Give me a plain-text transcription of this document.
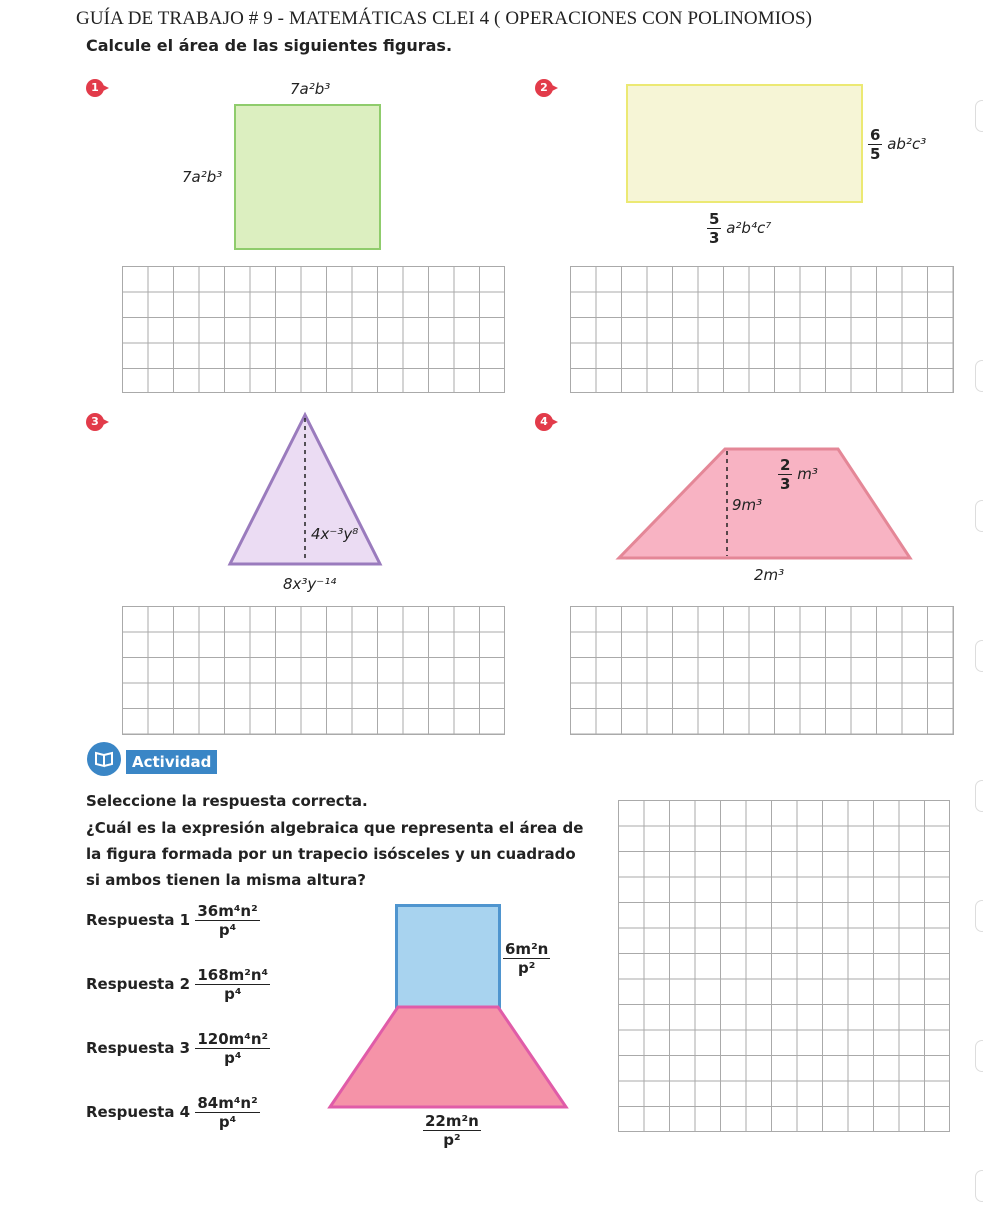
GUÍA DE TRABAJO # 9 - MATEMÁTICAS CLEI 4 ( OPERACIONES CON POLINOMIOS)
Calcule el área de las siguientes figuras.
1	7a²b³
7a²b³
2
$\frac{6}{5} ab^2c^3$
$\frac{5}{3} a^2b^4c^7$
3
4x⁻³y⁸
8x³y⁻¹⁴
4
$\frac{2}{3} m^3$
9m³
2m³
Actividad
Seleccione la respuesta correcta.
¿Cuál es la expresión algebraica que representa el área de la figura formada por un trapecio isósceles y un cuadrado si ambos tienen la misma altura?
Respuesta $1 \frac{\text{36m⁴n²}}{\text{p⁴}}$
Respuesta $2 \frac{\text{168m²n⁴}}{\text{p⁴}}$
Respuesta $3 \frac{\text{120m⁴n²}}{\text{p⁴}}$
Respuesta $4 \frac{\text{84m⁴n²}}{\text{p⁴}}$
$\frac{\text{6m²n}}{\text{p²}}$
$\frac{\text{22m²n}}{\text{p²}}$
